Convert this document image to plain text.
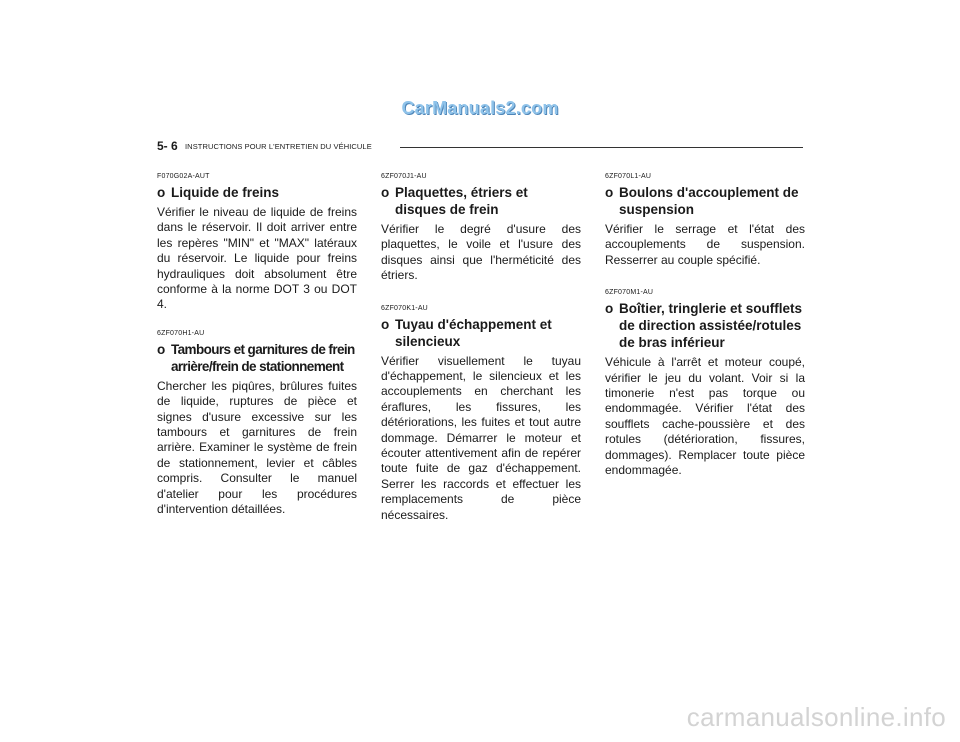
CarManuals2.com
5- 6 INSTRUCTIONS POUR L'ENTRETIEN DU VÉHICULE
F070G02A-AUT
o Liquide de freins
Vérifier le niveau de liquide de freins dans le réservoir. Il doit arriver entre les repères "MIN" et "MAX" latéraux du réservoir. Le liquide pour freins hydrauliques doit absolument être conforme à la norme DOT 3 ou DOT 4.
6ZF070H1-AU
o Tambours et garnitures de frein arrière/frein de stationnement
Chercher les piqûres, brûlures fuites de liquide, ruptures de pièce et signes d'usure excessive sur les tambours et garnitures de frein arrière. Examiner le système de frein de stationnement, levier et câbles compris. Consulter le manuel d'atelier pour les procédures d'intervention détaillées.
6ZF070J1-AU
o Plaquettes, étriers et disques de frein
Vérifier le degré d'usure des plaquettes, le voile et l'usure des disques ainsi que l'herméticité des étriers.
6ZF070K1-AU
o Tuyau d'échappement et silencieux
Vérifier visuellement le tuyau d'échappement, le silencieux et les accouplements en cherchant les éraflures, les fissures, les détériorations, les fuites et tout autre dommage. Démarrer le moteur et écouter attentivement afin de repérer toute fuite de gaz d'échappement. Serrer les raccords et effectuer les remplacements de pièce nécessaires.
6ZF070L1-AU
o Boulons d'accouplement de suspension
Vérifier le serrage et l'état des accouplements de suspension. Resserrer au couple spécifié.
6ZF070M1-AU
o Boîtier, tringlerie et soufflets de direction assistée/rotules de bras inférieur
Véhicule à l'arrêt et moteur coupé, vérifier le jeu du volant. Voir si la timonerie n'est pas torque ou endommagée. Vérifier l'état des soufflets cache-poussière et des rotules (détérioration, fissures, dommages). Remplacer toute pièce endommagée.
carmanualsonline.info
